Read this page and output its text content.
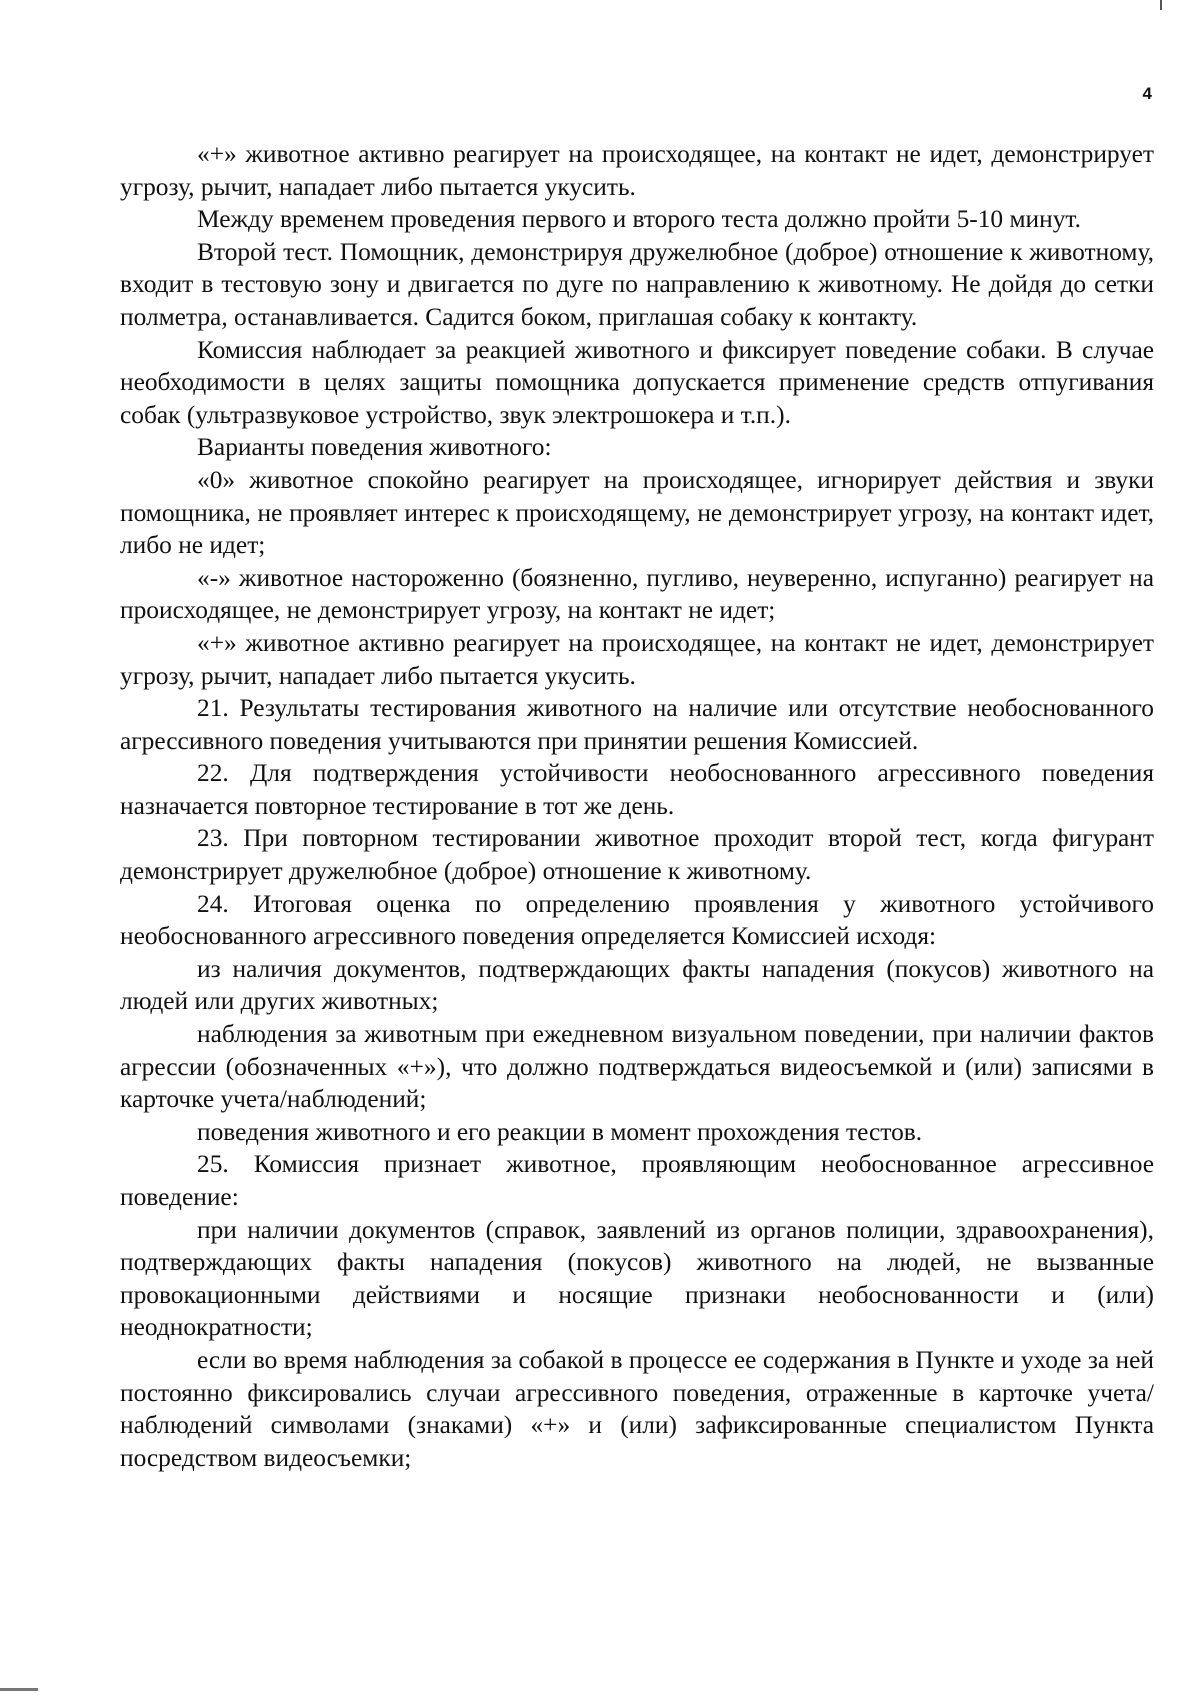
4

«+» животное активно реагирует на происходящее, на контакт не идет, демонстрирует угрозу, рычит, нападает либо пытается укусить.

Между временем проведения первого и второго теста должно пройти 5-10 минут.

Второй тест. Помощник, демонстрируя дружелюбное (доброе) отношение к животному, входит в тестовую зону и двигается по дуге по направлению к животному. Не дойдя до сетки полметра, останавливается. Садится боком, приглашая собаку к контакту.

Комиссия наблюдает за реакцией животного и фиксирует поведение собаки. В случае необходимости в целях защиты помощника допускается применение средств отпугивания собак (ультразвуковое устройство, звук электрошокера и т.п.).

Варианты поведения животного:

«0» животное спокойно реагирует на происходящее, игнорирует действия и звуки помощника, не проявляет интерес к происходящему, не демонстрирует угрозу, на контакт идет, либо не идет;

«-» животное настороженно (боязненно, пугливо, неуверенно, испуганно) реагирует на происходящее, не демонстрирует угрозу, на контакт не идет;

«+» животное активно реагирует на происходящее, на контакт не идет, демонстрирует угрозу, рычит, нападает либо пытается укусить.

21. Результаты тестирования животного на наличие или отсутствие необоснованного агрессивного поведения учитываются при принятии решения Комиссией.

22. Для подтверждения устойчивости необоснованного агрессивного поведения назначается повторное тестирование в тот же день.

23. При повторном тестировании животное проходит второй тест, когда фигурант демонстрирует дружелюбное (доброе) отношение к животному.

24. Итоговая оценка по определению проявления у животного устойчивого необоснованного агрессивного поведения определяется Комиссией исходя:

из наличия документов, подтверждающих факты нападения (покусов) животного на людей или других животных;

наблюдения за животным при ежедневном визуальном поведении, при наличии фактов агрессии (обозначенных «+»), что должно подтверждаться видеосъемкой и (или) записями в карточке учета/наблюдений;

поведения животного и его реакции в момент прохождения тестов.

25. Комиссия признает животное, проявляющим необоснованное агрессивное поведение:

при наличии документов (справок, заявлений из органов полиции, здравоохранения), подтверждающих факты нападения (покусов) животного на людей, не вызванные провокационными действиями и носящие признаки необоснованности и (или) неоднократности;

если во время наблюдения за собакой в процессе ее содержания в Пункте и уходе за ней постоянно фиксировались случаи агрессивного поведения, отраженные в карточке учета/наблюдений символами (знаками) «+» и (или) зафиксированные специалистом Пункта посредством видеосъемки;
